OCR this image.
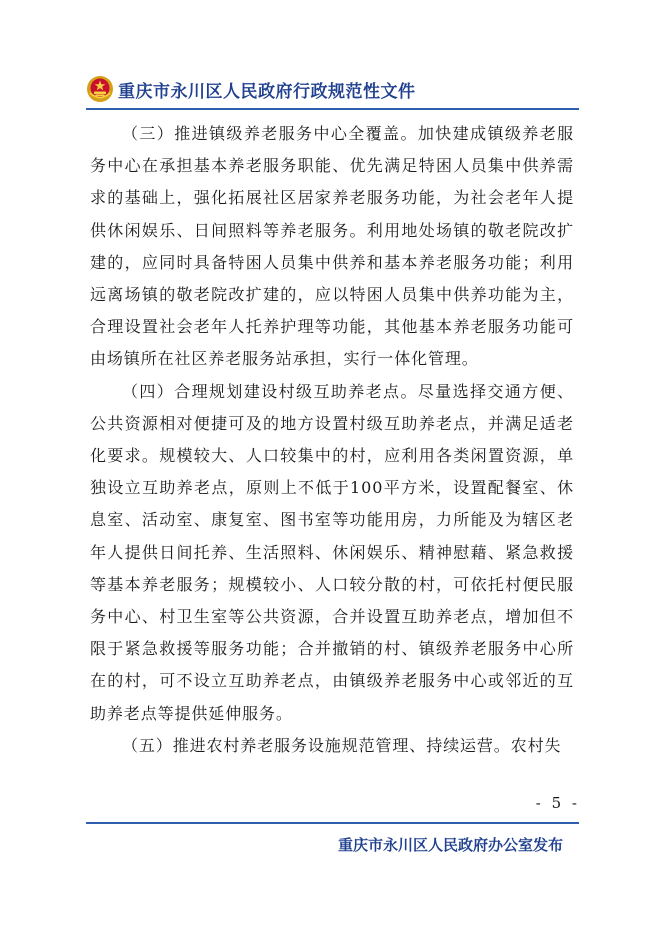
重庆市永川区人民政府行政规范性文件

（三）推进镇级养老服务中心全覆盖。加快建成镇级养老服务中心在承担基本养老服务职能、优先满足特困人员集中供养需求的基础上，强化拓展社区居家养老服务功能，为社会老年人提供休闲娱乐、日间照料等养老服务。利用地处场镇的敬老院改扩建的，应同时具备特困人员集中供养和基本养老服务功能；利用远离场镇的敬老院改扩建的，应以特困人员集中供养功能为主，合理设置社会老年人托养护理等功能，其他基本养老服务功能可由场镇所在社区养老服务站承担，实行一体化管理。

（四）合理规划建设村级互助养老点。尽量选择交通方便、公共资源相对便捷可及的地方设置村级互助养老点，并满足适老化要求。规模较大、人口较集中的村，应利用各类闲置资源，单独设立互助养老点，原则上不低于100平方米，设置配餐室、休息室、活动室、康复室、图书室等功能用房，力所能及为辖区老年人提供日间托养、生活照料、休闲娱乐、精神慰藉、紧急救援等基本养老服务；规模较小、人口较分散的村，可依托村便民服务中心、村卫生室等公共资源，合并设置互助养老点，增加但不限于紧急救援等服务功能；合并撤销的村、镇级养老服务中心所在的村，可不设立互助养老点，由镇级养老服务中心或邻近的互助养老点等提供延伸服务。

（五）推进农村养老服务设施规范管理、持续运营。农村失

- 5 -
重庆市永川区人民政府办公室发布
